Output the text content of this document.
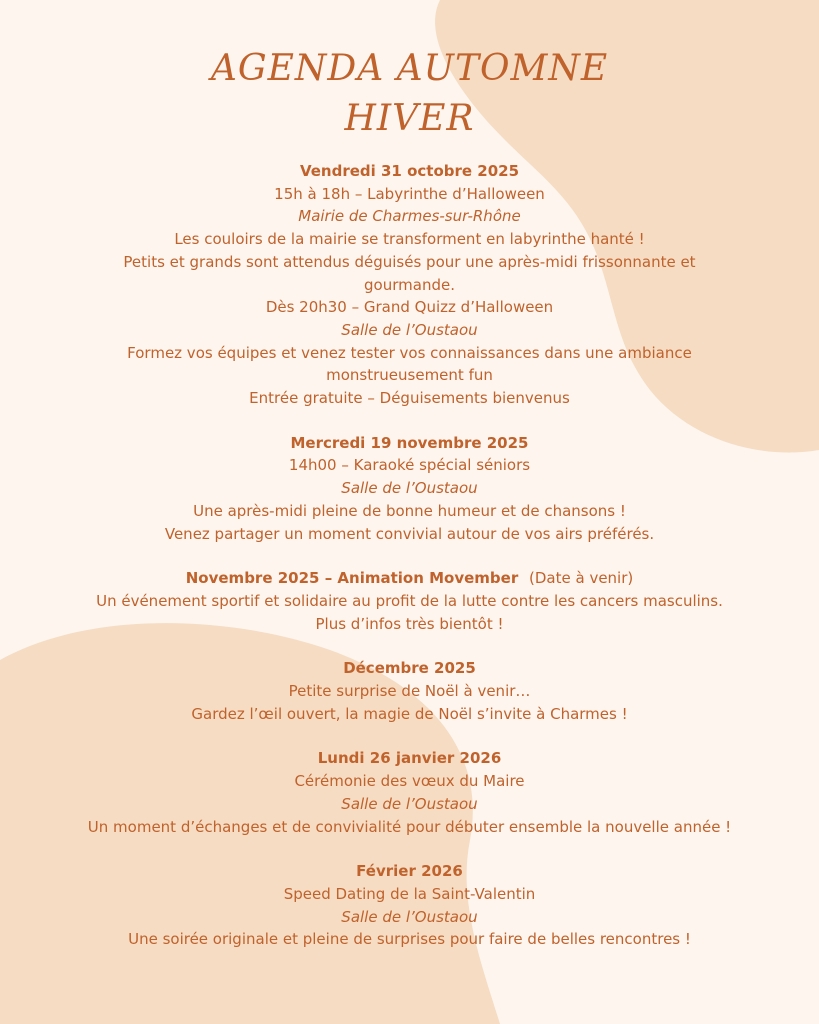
AGENDA AUTOMNE
HIVER
Vendredi 31 octobre 2025
15h à 18h – Labyrinthe d’Halloween
Mairie de Charmes-sur-Rhône
Les couloirs de la mairie se transforment en labyrinthe hanté !
Petits et grands sont attendus déguisés pour une après-midi frissonnante et gourmande.
Dès 20h30 – Grand Quizz d’Halloween
Salle de l’Oustaou
Formez vos équipes et venez tester vos connaissances dans une ambiance monstrueusement fun
Entrée gratuite – Déguisements bienvenus
Mercredi 19 novembre 2025
14h00 – Karaoké spécial séniors
Salle de l’Oustaou
Une après-midi pleine de bonne humeur et de chansons !
Venez partager un moment convivial autour de vos airs préférés.
Novembre 2025 – Animation Movember (Date à venir)
Un événement sportif et solidaire au profit de la lutte contre les cancers masculins.
Plus d’infos très bientôt !
Décembre 2025
Petite surprise de Noël à venir…
Gardez l’œil ouvert, la magie de Noël s’invite à Charmes !
Lundi 26 janvier 2026
Cérémonie des vœux du Maire
Salle de l’Oustaou
Un moment d’échanges et de convivialité pour débuter ensemble la nouvelle année !
Février 2026
Speed Dating de la Saint-Valentin
Salle de l’Oustaou
Une soirée originale et pleine de surprises pour faire de belles rencontres !
